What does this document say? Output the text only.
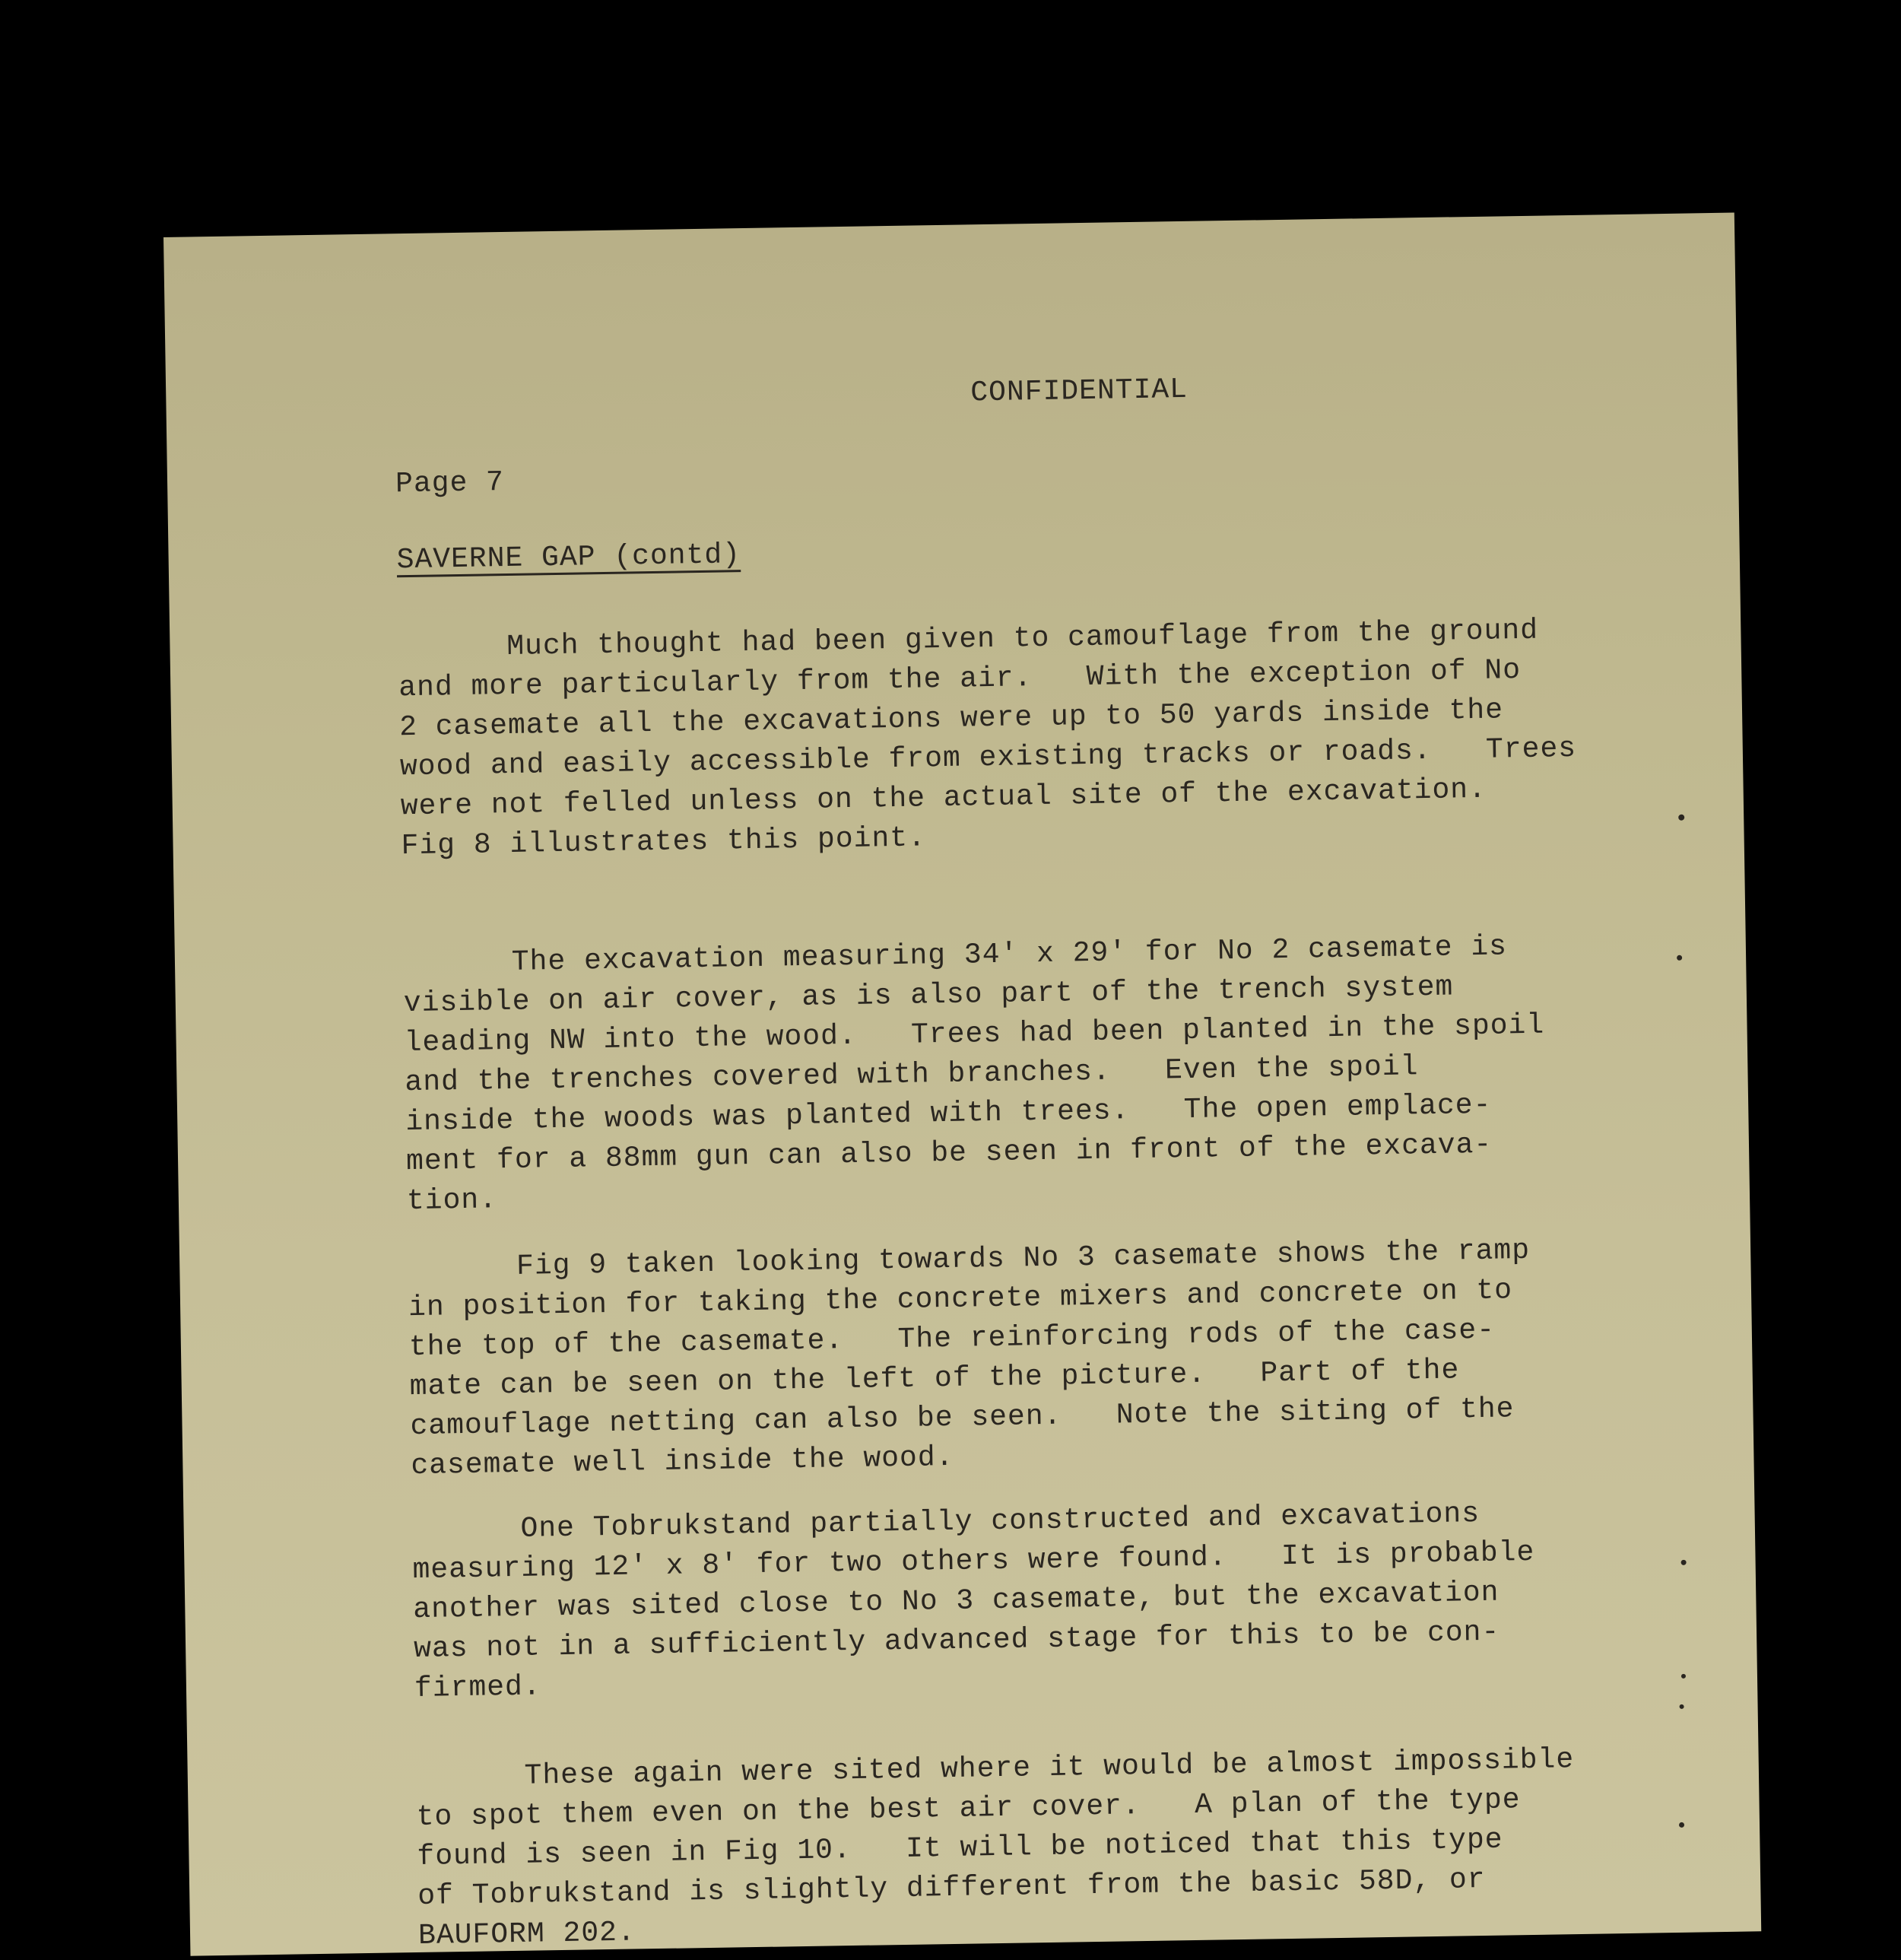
CONFIDENTIAL
Page 7
SAVERNE GAP (contd)
Much thought had been given to camouflage from the ground
and more particularly from the air.   With the exception of No
2 casemate all the excavations were up to 50 yards inside the
wood and easily accessible from existing tracks or roads.   Trees
were not felled unless on the actual site of the excavation.
Fig 8 illustrates this point.
The excavation measuring 34' x 29' for No 2 casemate is
visible on air cover, as is also part of the trench system
leading NW into the wood.   Trees had been planted in the spoil
and the trenches covered with branches.   Even the spoil
inside the woods was planted with trees.   The open emplace-
ment for a 88mm gun can also be seen in front of the excava-
tion.
Fig 9 taken looking towards No 3 casemate shows the ramp
in position for taking the concrete mixers and concrete on to
the top of the casemate.   The reinforcing rods of the case-
mate can be seen on the left of the picture.   Part of the
camouflage netting can also be seen.   Note the siting of the
casemate well inside the wood.
One Tobrukstand partially constructed and excavations
measuring 12' x 8' for two others were found.   It is probable
another was sited close to No 3 casemate, but the excavation
was not in a sufficiently advanced stage for this to be con-
firmed.
These again were sited where it would be almost impossible
to spot them even on the best air cover.   A plan of the type
found is seen in Fig 10.   It will be noticed that this type
of Tobrukstand is slightly different from the basic 58D, or
BAUFORM 202.
